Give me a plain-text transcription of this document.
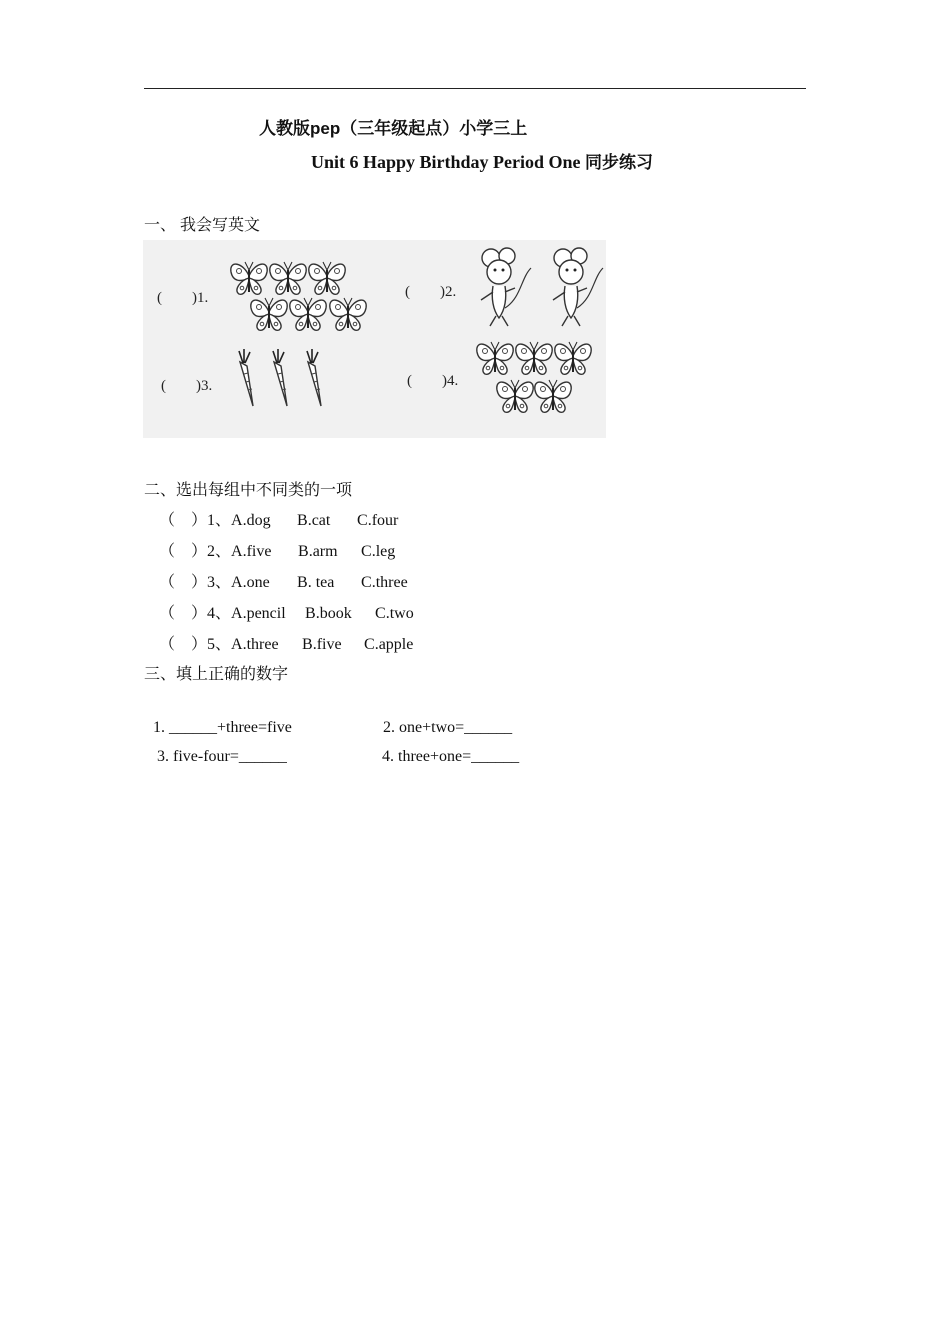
人教版pep（三年级起点）小学三上
Unit 6 Happy Birthday Period One 同步练习
一、 我会写英文
(　　)1.	(　　)2.
(　　)3.	(　　)4.
二、选出每组中不同类的一项
（　）1、A.dog B.cat C.four
（　）2、A.five B.arm C.leg
（　）3、A.one B. tea C.three
（　）4、A.pencil B.book C.two
（　）5、A.three B.five C.apple
三、填上正确的数字
1. ______+three=five	2. one+two=______
3. five-four=______	4. three+one=______
